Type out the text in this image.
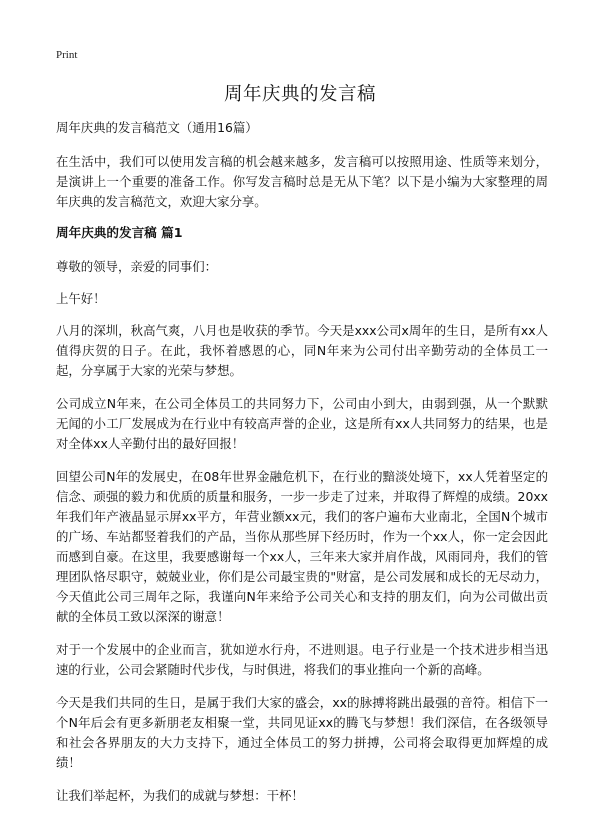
Print
周年庆典的发言稿

周年庆典的发言稿范文（通用16篇）

在生活中，我们可以使用发言稿的机会越来越多，发言稿可以按照用途、性质等来划分，是演讲上一个重要的准备工作。你写发言稿时总是无从下笔？以下是小编为大家整理的周年庆典的发言稿范文，欢迎大家分享。

周年庆典的发言稿 篇1

尊敬的领导，亲爱的同事们：

上午好！

八月的深圳，秋高气爽，八月也是收获的季节。今天是xxx公司x周年的生日，是所有xx人值得庆贺的日子。在此，我怀着感恩的心，同N年来为公司付出辛勤劳动的全体员工一起，分享属于大家的光荣与梦想。

公司成立N年来，在公司全体员工的共同努力下，公司由小到大，由弱到强，从一个默默无闻的小工厂发展成为在行业中有较高声誉的企业，这是所有xx人共同努力的结果，也是对全体xx人辛勤付出的最好回报！

回望公司N年的发展史，在08年世界金融危机下，在行业的黯淡处境下，xx人凭着坚定的信念、顽强的毅力和优质的质量和服务，一步一步走了过来，并取得了辉煌的成绩。20xx年我们年产液晶显示屏xx平方，年营业额xx元，我们的客户遍布大业南北，全国N个城市的广场、车站都竖着我们的产品，当你从那些屏下经历时，作为一个xx人，你一定会因此而感到自豪。在这里，我要感谢每一个xx人，三年来大家并肩作战，风雨同舟，我们的管理团队恪尽职守，兢兢业业，你们是公司最宝贵的"财富，是公司发展和成长的无尽动力，今天值此公司三周年之际，我谨向N年来给予公司关心和支持的朋友们，向为公司做出贡献的全体员工致以深深的谢意！

对于一个发展中的企业而言，犹如逆水行舟，不进则退。电子行业是一个技术进步相当迅速的行业，公司会紧随时代步伐，与时俱进，将我们的事业推向一个新的高峰。

今天是我们共同的生日，是属于我们大家的盛会，xx的脉搏将跳出最强的音符。相信下一个N年后会有更多新朋老友相聚一堂，共同见证xx的腾飞与梦想！我们深信，在各级领导和社会各界朋友的大力支持下，通过全体员工的努力拼搏，公司将会取得更加辉煌的成绩！

让我们举起杯，为我们的成就与梦想：干杯！
